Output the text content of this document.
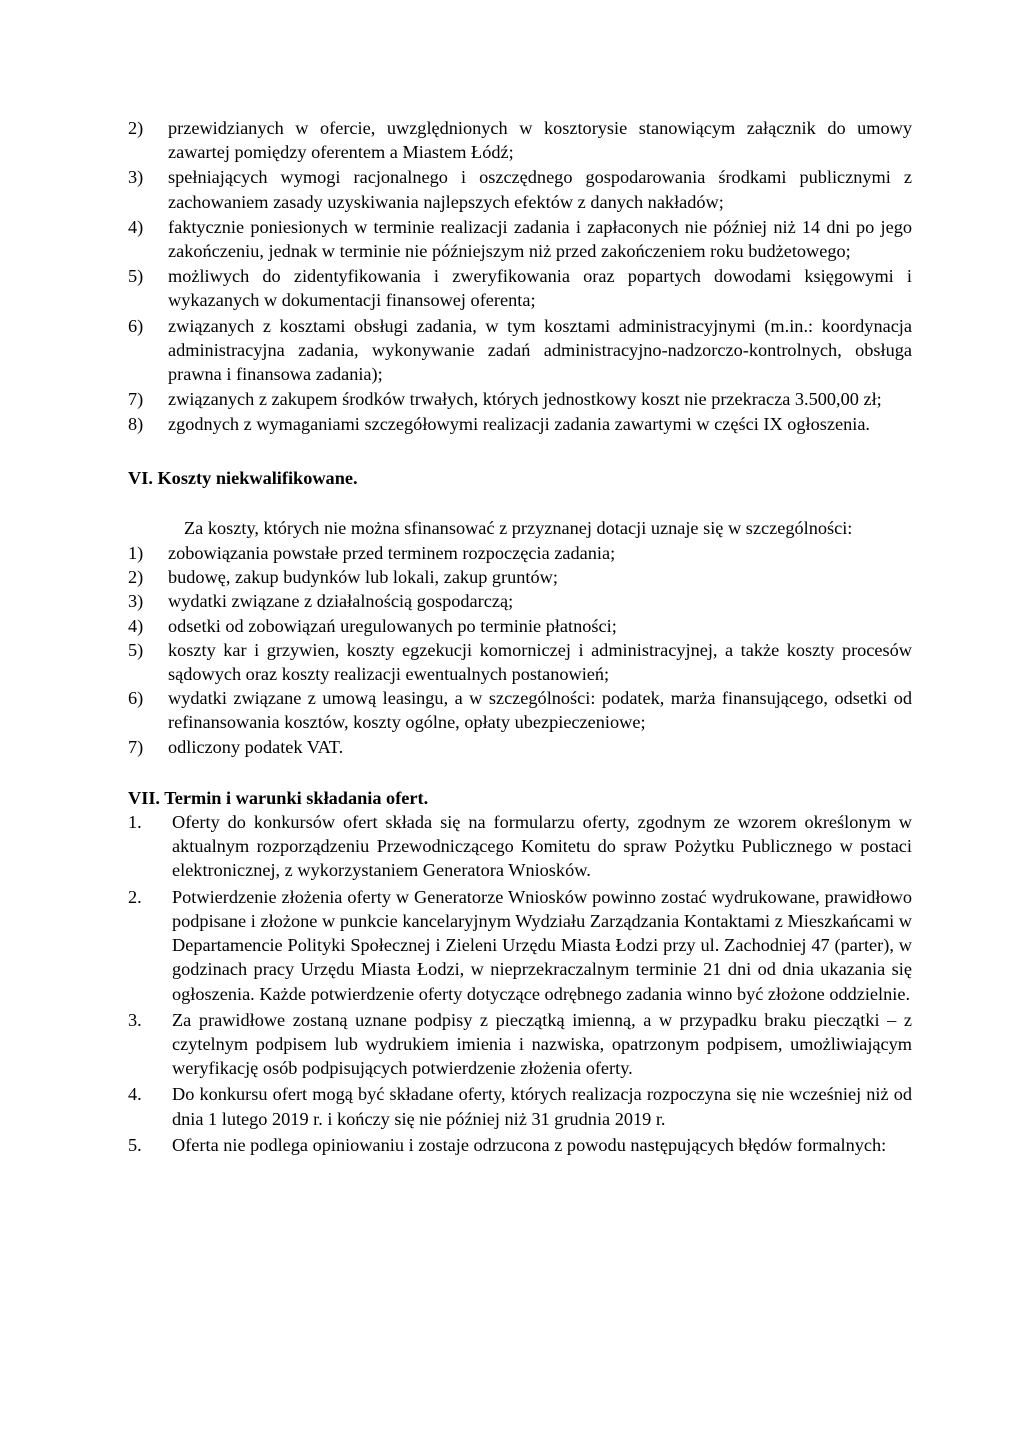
2)	przewidzianych w ofercie, uwzględnionych w kosztorysie stanowiącym załącznik do umowy zawartej pomiędzy oferentem a Miastem Łódź;
3)	spełniających wymogi racjonalnego i oszczędnego gospodarowania środkami publicznymi z zachowaniem zasady uzyskiwania najlepszych efektów z danych nakładów;
4)	faktycznie poniesionych w terminie realizacji zadania i zapłaconych nie później niż 14 dni po jego zakończeniu, jednak w terminie nie późniejszym niż przed zakończeniem roku budżetowego;
5)	możliwych do zidentyfikowania i zweryfikowania oraz popartych dowodami księgowymi i wykazanych w dokumentacji finansowej oferenta;
6)	związanych z kosztami obsługi zadania, w tym kosztami administracyjnymi (m.in.: koordynacja administracyjna zadania, wykonywanie zadań administracyjno-nadzorczo-kontrolnych, obsługa prawna i finansowa zadania);
7)	związanych z zakupem środków trwałych, których jednostkowy koszt nie przekracza 3.500,00 zł;
8)	zgodnych z wymaganiami szczegółowymi realizacji zadania zawartymi w części IX ogłoszenia.

VI. Koszty niekwalifikowane.

Za koszty, których nie można sfinansować z przyznanej dotacji uznaje się w szczególności:

1)	zobowiązania powstałe przed terminem rozpoczęcia zadania;
2)	budowę, zakup budynków lub lokali, zakup gruntów;
3)	wydatki związane z działalnością gospodarczą;
4)	odsetki od zobowiązań uregulowanych po terminie płatności;
5)	koszty kar i grzywien, koszty egzekucji komorniczej i administracyjnej, a także koszty procesów sądowych oraz koszty realizacji ewentualnych postanowień;
6)	wydatki związane z umową leasingu, a w szczególności: podatek, marża finansującego, odsetki od refinansowania kosztów, koszty ogólne, opłaty ubezpieczeniowe;
7)	odliczony podatek VAT.

VII. Termin i warunki składania ofert.

1.	Oferty do konkursów ofert składa się na formularzu oferty, zgodnym ze wzorem określonym w aktualnym rozporządzeniu Przewodniczącego Komitetu do spraw Pożytku Publicznego w postaci elektronicznej, z wykorzystaniem Generatora Wniosków.
2.	Potwierdzenie złożenia oferty w Generatorze Wniosków powinno zostać wydrukowane, prawidłowo podpisane i złożone w punkcie kancelaryjnym Wydziału Zarządzania Kontaktami z Mieszkańcami w Departamencie Polityki Społecznej i Zieleni Urzędu Miasta Łodzi przy ul. Zachodniej 47 (parter), w godzinach pracy Urzędu Miasta Łodzi, w nieprzekraczalnym terminie 21 dni od dnia ukazania się ogłoszenia. Każde potwierdzenie oferty dotyczące odrębnego zadania winno być złożone oddzielnie.
3.	Za prawidłowe zostaną uznane podpisy z pieczątką imienną, a w przypadku braku pieczątki – z czytelnym podpisem lub wydrukiem imienia i nazwiska, opatrzonym podpisem, umożliwiającym weryfikację osób podpisujących potwierdzenie złożenia oferty.
4.	Do konkursu ofert mogą być składane oferty, których realizacja rozpoczyna się nie wcześniej niż od dnia 1 lutego 2019 r. i kończy się nie później niż 31 grudnia 2019 r.
5.	Oferta nie podlega opiniowaniu i zostaje odrzucona z powodu następujących błędów formalnych:
